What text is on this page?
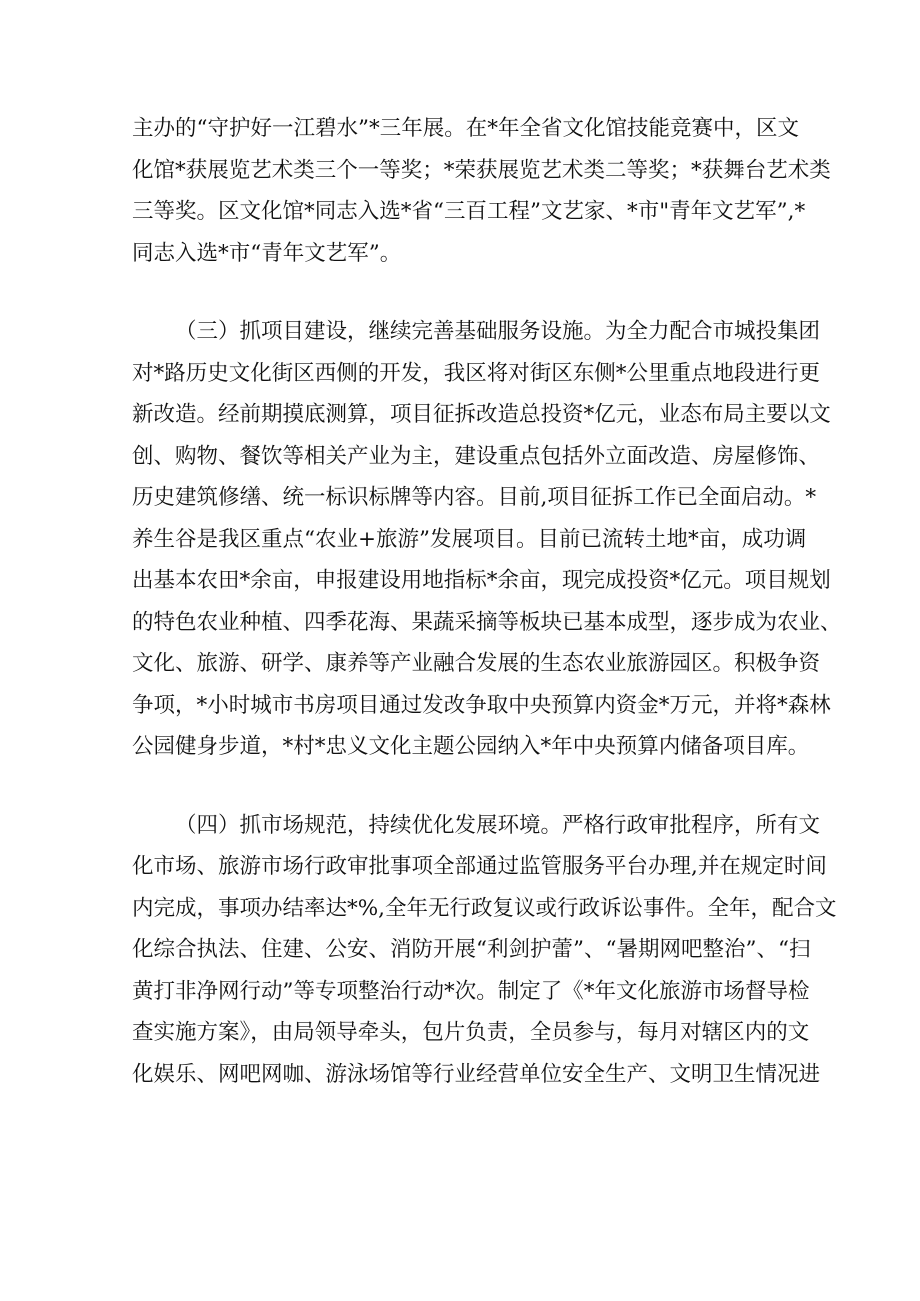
主办的“守护好一江碧水”*三年展。在*年全省文化馆技能竞赛中，区文

化馆*获展览艺术类三个一等奖；*荣获展览艺术类二等奖；*获舞台艺术类

三等奖。区文化馆*同志入选*省“三百工程”文艺家、*市"青年文艺军”,*

同志入选*市“青年文艺军”。

（三）抓项目建设，继续完善基础服务设施。为全力配合市城投集团

对*路历史文化街区西侧的开发，我区将对街区东侧*公里重点地段进行更

新改造。经前期摸底测算，项目征拆改造总投资*亿元，业态布局主要以文

创、购物、餐饮等相关产业为主，建设重点包括外立面改造、房屋修饰、

历史建筑修缮、统一标识标牌等内容。目前,项目征拆工作已全面启动。*

养生谷是我区重点“农业+旅游”发展项目。目前已流转土地*亩，成功调

出基本农田*余亩，申报建设用地指标*余亩，现完成投资*亿元。项目规划

的特色农业种植、四季花海、果蔬采摘等板块已基本成型，逐步成为农业、

文化、旅游、研学、康养等产业融合发展的生态农业旅游园区。积极争资

争项，*小时城市书房项目通过发改争取中央预算内资金*万元，并将*森林

公园健身步道，*村*忠义文化主题公园纳入*年中央预算内储备项目库。

（四）抓市场规范，持续优化发展环境。严格行政审批程序，所有文

化市场、旅游市场行政审批事项全部通过监管服务平台办理,并在规定时间

内完成，事项办结率达*%,全年无行政复议或行政诉讼事件。全年，配合文

化综合执法、住建、公安、消防开展“利剑护蕾”、“暑期网吧整治”、“扫

黄打非净网行动”等专项整治行动*次。制定了《*年文化旅游市场督导检

查实施方案》，由局领导牵头，包片负责，全员参与，每月对辖区内的文

化娱乐、网吧网咖、游泳场馆等行业经营单位安全生产、文明卫生情况进
